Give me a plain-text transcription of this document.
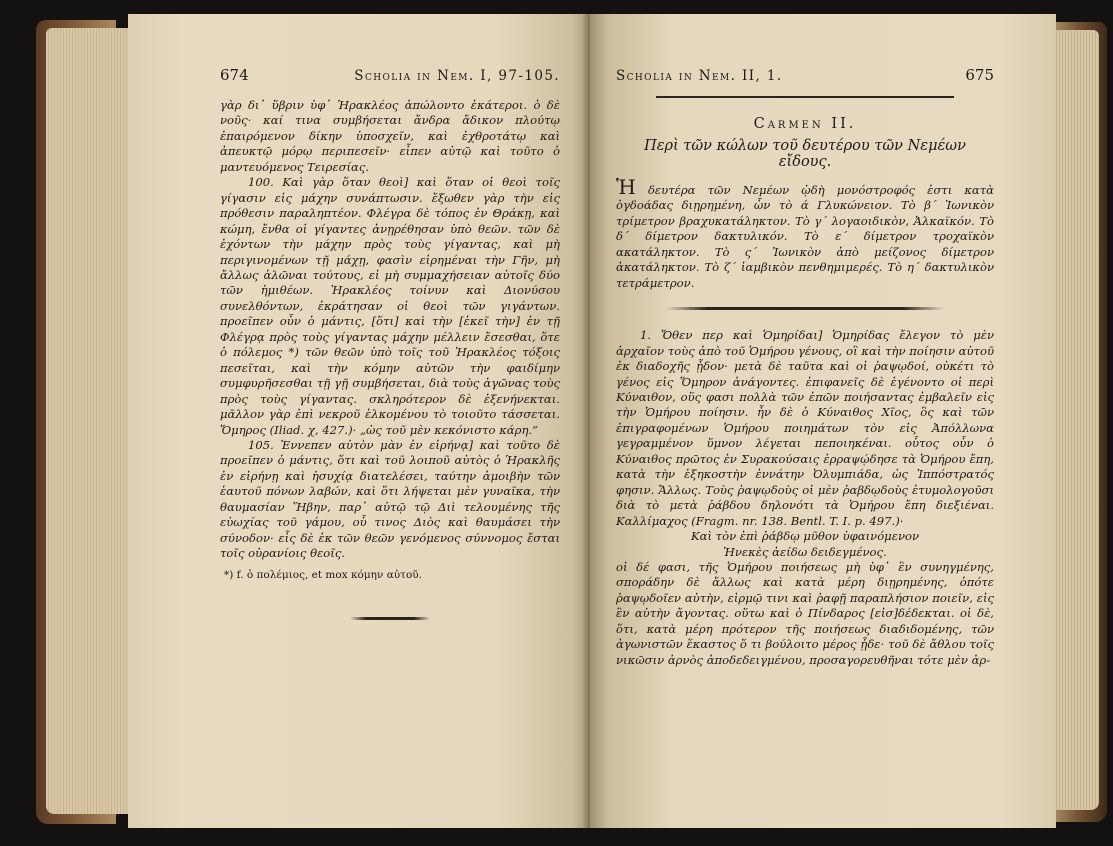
674	Scholia in Nem. I, 97-105.

γὰρ δι᾽ ὕβριν ὑφ᾽ Ἡρακλέος ἀπώλοντο ἑκάτεροι. ὁ δὲ νοῦς· καί τινα συμβήσεται ἄνδρα ἄδικον πλούτῳ ἐπαιρόμενον δίκην ὑποσχεῖν, καὶ ἐχθροτάτῳ καὶ ἀπευκτῷ μόρῳ περιπεσεῖν· εἶπεν αὐτῷ καὶ τοῦτο ὁ μαντευόμενος Τειρεσίας.

100. Καὶ γὰρ ὅταν θεοὶ] καὶ ὅταν οἱ θεοὶ τοῖς γίγασιν εἰς μάχην συνάπτωσιν. ἔξωθεν γὰρ τὴν εἰς πρόθεσιν παραληπτέον. Φλέγρα δὲ τόπος ἐν Θράκῃ, καὶ κώμη, ἔνθα οἱ γίγαντες ἀνῃρέθησαν ὑπὸ θεῶν. τῶν δὲ ἐχόντων τὴν μάχην πρὸς τοὺς γίγαντας, καὶ μὴ περιγινομένων τῇ μάχῃ, φασὶν εἰρημέναι τὴν Γῆν, μὴ ἄλλως ἁλῶναι τούτους, εἰ μὴ συμμαχήσειαν αὐτοῖς δύο τῶν ἡμιθέων. Ἡρακλέος τοίνυν καὶ Διονύσου συνελθόντων, ἐκράτησαν οἱ θεοὶ τῶν γιγάντων. προεῖπεν οὖν ὁ μάντις, [ὅτι] καὶ τὴν [ἐκεῖ τὴν] ἐν τῇ Φλέγρᾳ πρὸς τοὺς γίγαντας μάχην μέλλειν ἔσεσθαι, ὅτε ὁ πόλεμος *) τῶν θεῶν ὑπὸ τοῖς τοῦ Ἡρακλέος τόξοις πεσεῖται, καὶ τὴν κόμην αὐτῶν τὴν φαιδίμην συμφυρῆσεσθαι τῇ γῇ συμβήσεται, διὰ τοὺς ἀγῶνας τοὺς πρὸς τοὺς γίγαντας. σκληρότερον δὲ ἐξενήνεκται. μᾶλλον γὰρ ἐπὶ νεκροῦ ἑλκομένου τὸ τοιοῦτο τάσσεται. Ὅμηρος (Iliad. χ, 427.)· „ὡς τοῦ μὲν κεκόνιστο κάρη.“

105. Ἐννεπεν αὐτὸν μὰν ἐν εἰρήνᾳ] καὶ τοῦτο δὲ προεῖπεν ὁ μάντις, ὅτι καὶ τοῦ λοιποῦ αὐτὸς ὁ Ἡρακλῆς ἐν εἰρήνῃ καὶ ἡσυχίᾳ διατελέσει, ταύτην ἀμοιβὴν τῶν ἑαυτοῦ πόνων λαβών, καὶ ὅτι λήψεται μὲν γυναῖκα, τὴν θαυμασίαν Ἥβην, παρ᾽ αὐτῷ τῷ Διὶ τελουμένης τῆς εὐωχίας τοῦ γάμου, οὗ τινος Διὸς καὶ θαυμάσει τὴν σύνοδον· εἶς δὲ ἐκ τῶν θεῶν γενόμενος σύννομος ἔσται τοῖς οὐρανίοις θεοῖς.

*) f. ὁ πολέμιος, et mox κόμην αὐτοῦ.
Scholia in Nem. II, 1.	675
Carmen II.
Περὶ τῶν κώλων τοῦ δευτέρου τῶν Νεμέων εἴδους.

Ἡ δευτέρα τῶν Νεμέων ᾠδὴ μονόστροφός ἐστι κατὰ ὀγδοάδας διῃρημένη, ὧν τὸ ά Γλυκώνειον. Τὸ β´ Ἰωνικὸν τρίμετρον βραχυκατάληκτον. Τὸ γ´ λογαοιδικὸν, Ἀλκαϊκόν. Τὸ δ´ δίμετρον δακτυλικόν. Τὸ ε´ δίμετρον τροχαϊκὸν ακατάληκτον. Τὸ ς´ Ἰωνικὸν ἀπὸ μείζονος δίμετρον ἀκατάληκτον. Τὸ ζ´ ἰαμβικὸν πενθημιμερές. Τὸ η´ δακτυλικὸν τετράμετρον.

1. Ὅθεν περ καὶ Ὁμηρίδαι] Ὁμηρίδας ἔλεγον τὸ μὲν ἀρχαῖον τοὺς ἀπὸ τοῦ Ὁμήρου γένους, οἳ καὶ τὴν ποίησιν αὐτοῦ ἐκ διαδοχῆς ᾖδον· μετὰ δὲ ταῦτα καὶ οἱ ῥαψῳδοί, οὐκέτι τὸ γένος εἰς Ὅμηρον ἀνάγοντες. ἐπιφανεῖς δὲ ἐγένοντο οἱ περὶ Κύναιθον, οὕς φασι πολλὰ τῶν ἐπῶν ποιήσαντας ἐμβαλεῖν εἰς τὴν Ὁμήρου ποίησιν. ἦν δὲ ὁ Κύναιθος Χῖος, ὃς καὶ τῶν ἐπιγραφομένων Ὁμήρου ποιημάτων τὸν εἰς Ἀπόλλωνα γεγραμμένον ὕμνον λέγεται πεποιηκέναι. οὗτος οὖν ὁ Κύναιθος πρῶτος ἐν Συρακούσαις ἐρραψῴδησε τὰ Ὁμήρου ἔπη, κατὰ τὴν ἑξηκοστὴν ἐννάτην Ὀλυμπιάδα, ὡς Ἱππόστρατός φησιν. Ἄλλως. Τοὺς ῥαψῳδοὺς οἱ μὲν ῥαβδῳδοὺς ἐτυμολογοῦσι διὰ τὸ μετὰ ῥάβδου δηλονότι τὰ Ὁμήρου ἔπη διεξιέναι. Καλλίμαχος (Fragm. nr. 138. Bentl. T. I. p. 497.)·

Καὶ τὸν ἐπὶ ῥάβδῳ μῦθον ὑφαινόμενον

Ἠνεκὲς ἀείδω δειδεγμένος.

οἱ δέ φασι, τῆς Ὁμήρου ποιήσεως μὴ ὑφ᾽ ἓν συνηγμένης, σποράδην δὲ ἄλλως καὶ κατὰ μέρη διῃρημένης, ὁπότε ῥαψῳδοῖεν αὐτὴν, εἱρμῷ τινι καὶ ῥαφῇ παραπλήσιον ποιεῖν, εἰς ἓν αὐτὴν ἄγοντας. οὕτω καὶ ὁ Πίνδαρος [εἰσ]δέδεκται. οἱ δὲ, ὅτι, κατὰ μέρη πρότερον τῆς ποιήσεως διαδιδομένης, τῶν ἀγωνιστῶν ἕκαστος ὅ τι βούλοιτο μέρος ᾖδε· τοῦ δὲ ἄθλου τοῖς νικῶσιν ἀρνὸς ἀποδεδειγμένου, προσαγορευθῆναι τότε μὲν ἀρ-
